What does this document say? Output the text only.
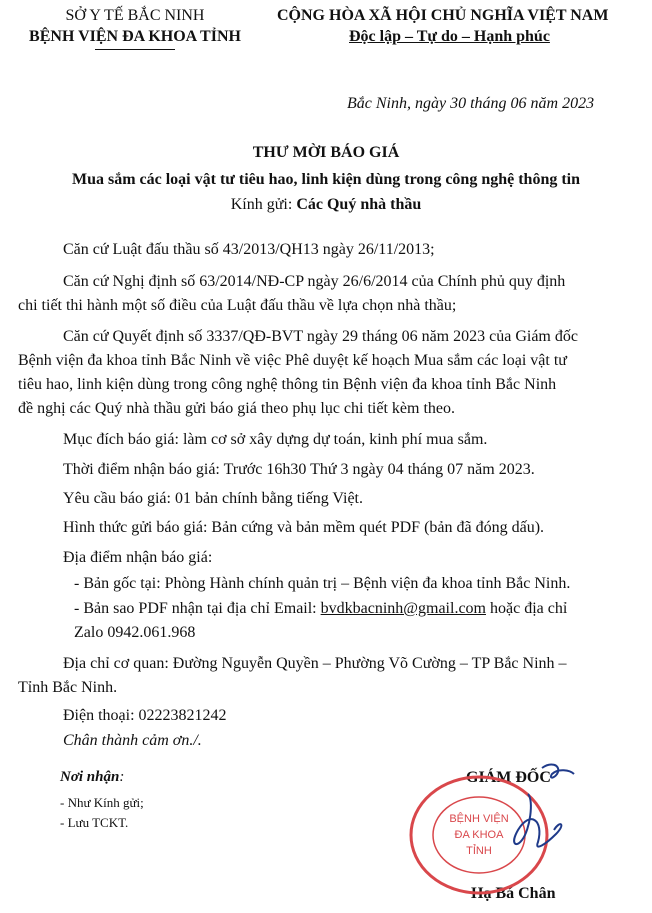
SỞ Y TẾ BẮC NINH
BỆNH VIỆN ĐA KHOA TỈNH
CỘNG HÒA XÃ HỘI CHỦ NGHĨA VIỆT NAM
Độc lập – Tự do – Hạnh phúc
Bắc Ninh, ngày 30 tháng 06 năm 2023
THƯ MỜI BÁO GIÁ
Mua sắm các loại vật tư tiêu hao, linh kiện dùng trong công nghệ thông tin
Kính gửi: Các Quý nhà thầu
Căn cứ Luật đấu thầu số 43/2013/QH13 ngày 26/11/2013;
Căn cứ Nghị định số 63/2014/NĐ-CP ngày 26/6/2014 của Chính phủ quy định
chi tiết thi hành một số điều của Luật đấu thầu về lựa chọn nhà thầu;
Căn cứ Quyết định số 3337/QĐ-BVT ngày 29 tháng 06 năm 2023 của Giám đốc
Bệnh viện đa khoa tỉnh Bắc Ninh về việc Phê duyệt kế hoạch Mua sắm các loại vật tư
tiêu hao, linh kiện dùng trong công nghệ thông tin Bệnh viện đa khoa tỉnh Bắc Ninh
đề nghị các Quý nhà thầu gửi báo giá theo phụ lục chi tiết kèm theo.
Mục đích báo giá: làm cơ sở xây dựng dự toán, kinh phí mua sắm.
Thời điểm nhận báo giá: Trước 16h30 Thứ 3 ngày 04 tháng 07 năm 2023.
Yêu cầu báo giá: 01 bản chính bằng tiếng Việt.
Hình thức gửi báo giá: Bản cứng và bản mềm quét PDF (bản đã đóng dấu).
Địa điểm nhận báo giá:
- Bản gốc tại: Phòng Hành chính quản trị – Bệnh viện đa khoa tỉnh Bắc Ninh.
- Bản sao PDF nhận tại địa chỉ Email: bvdkbacninh@gmail.com hoặc địa chỉ
Zalo 0942.061.968
Địa chỉ cơ quan: Đường Nguyễn Quyền – Phường Võ Cường – TP Bắc Ninh –
Tỉnh Bắc Ninh.
Điện thoại: 02223821242
Chân thành cảm ơn./.
Nơi nhận:
- Như Kính gửi;
- Lưu TCKT.
GIÁM ĐỐC
Hạ Bá Chân
BỆNH VIỆN
ĐA KHOA
TỈNH
